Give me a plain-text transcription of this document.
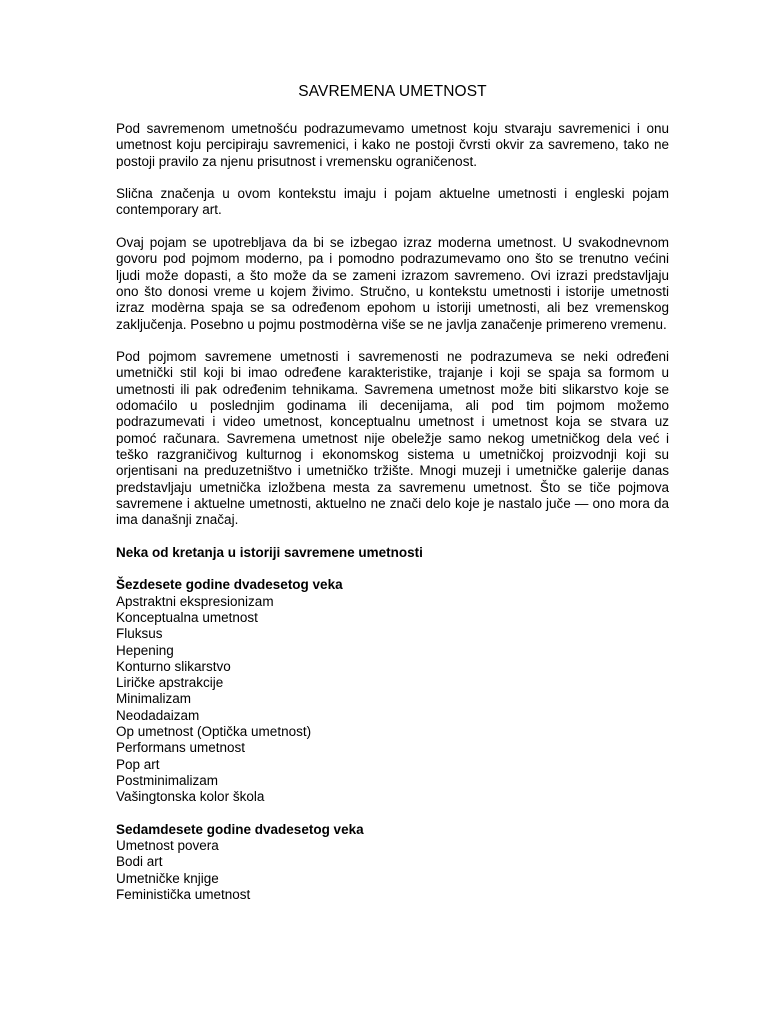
SAVREMENA UMETNOST

Pod savremenom umetnošću podrazumevamo umetnost koju stvaraju savremenici i onu umetnost koju percipiraju savremenici, i kako ne postoji čvrsti okvir za savremeno, tako ne postoji pravilo za njenu prisutnost i vremensku ograničenost.

Slična značenja u ovom kontekstu imaju i pojam aktuelne umetnosti i engleski pojam contemporary art.

Ovaj pojam se upotrebljava da bi se izbegao izraz moderna umetnost. U svakodnevnom govoru pod pojmom moderno, pa i pomodno podrazumevamo ono što se trenutno većini ljudi može dopasti, a što može da se zameni izrazom savremeno. Ovi izrazi predstavljaju ono što donosi vreme u kojem živimo. Stručno, u kontekstu umetnosti i istorije umetnosti izraz modèrna spaja se sa određenom epohom u istoriji umetnosti, ali bez vremenskog zaključenja. Posebno u pojmu postmodèrna više se ne javlja zanačenje primereno vremenu.

Pod pojmom savremene umetnosti i savremenosti ne podrazumeva se neki određeni umetnički stil koji bi imao određene karakteristike, trajanje i koji se spaja sa formom u umetnosti ili pak određenim tehnikama. Savremena umetnost može biti slikarstvo koje se odomaćilo u poslednjim godinama ili decenijama, ali pod tim pojmom možemo podrazumevati i video umetnost, konceptualnu umetnost i umetnost koja se stvara uz pomoć računara. Savremena umetnost nije obeležje samo nekog umetničkog dela već i teško razgraničivog kulturnog i ekonomskog sistema u umetničkoj proizvodnji koji su orjentisani na preduzetništvo i umetničko tržište. Mnogi muzeji i umetničke galerije danas predstavljaju umetnička izložbena mesta za savremenu umetnost. Što se tiče pojmova savremene i aktuelne umetnosti, aktuelno ne znači delo koje je nastalo juče — ono mora da ima današnji značaj.

Neka od kretanja u istoriji savremene umetnosti

Šezdesete godine dvadesetog veka

Apstraktni ekspresionizam
Konceptualna umetnost
Fluksus
Hepening
Konturno slikarstvo
Liričke apstrakcije
Minimalizam
Neodadaizam
Op umetnost (Optička umetnost)
Performans umetnost
Pop art
Postminimalizam
Vašingtonska kolor škola

Sedamdesete godine dvadesetog veka

Umetnost povera
Bodi art
Umetničke knjige
Feministička umetnost
